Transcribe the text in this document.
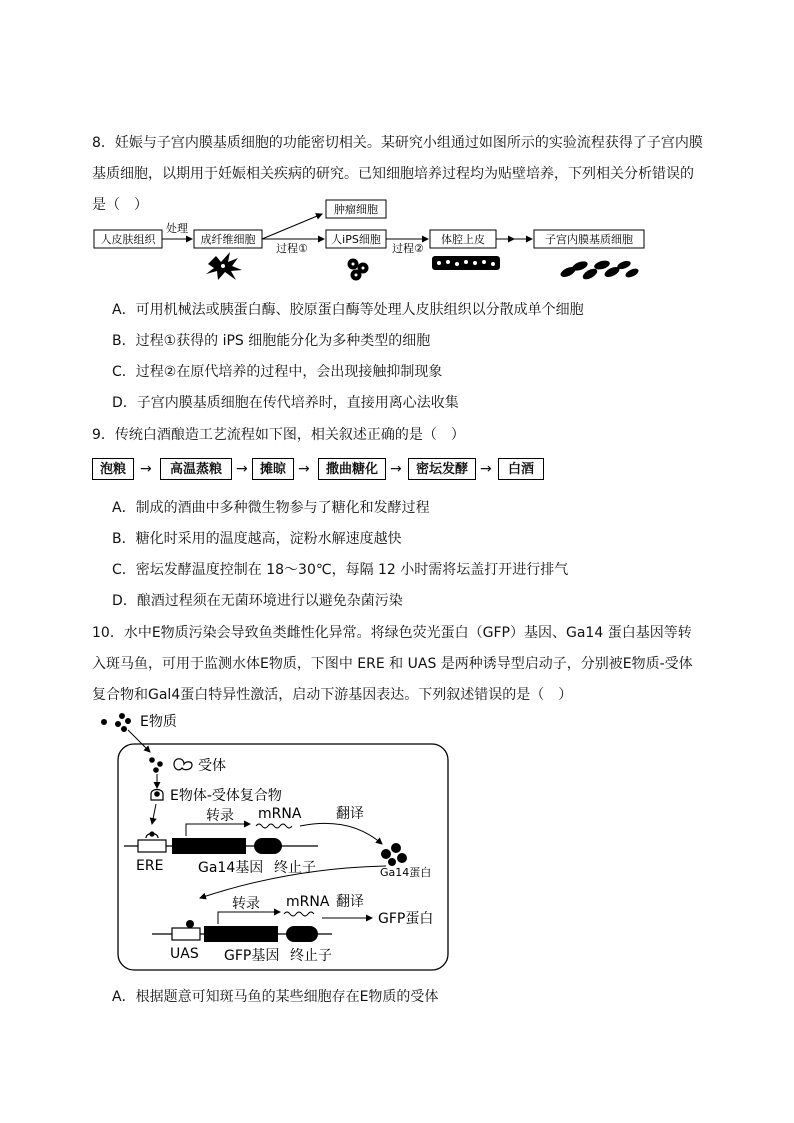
8．妊娠与子宫内膜基质细胞的功能密切相关。某研究小组通过如图所示的实验流程获得了子宫内膜基质细胞，以期用于妊娠相关疾病的研究。已知细胞培养过程均为贴壁培养，下列相关分析错误的是（　）
人皮肤组织
处理
成纤维细胞
肿瘤细胞
过程①
人iPS细胞
过程②
体腔上皮	子宫内膜基质细胞
A．可用机械法或胰蛋白酶、胶原蛋白酶等处理人皮肤组织以分散成单个细胞
B．过程①获得的 iPS 细胞能分化为多种类型的细胞
C．过程②在原代培养的过程中，会出现接触抑制现象
D．子宫内膜基质细胞在传代培养时，直接用离心法收集
9．传统白酒酿造工艺流程如下图，相关叙述正确的是（　）
泡粮	→	高温蒸粮	→ 摊晾 →	撒曲糖化 →	密坛发酵 →	白酒
A．制成的酒曲中多种微生物参与了糖化和发酵过程
B．糖化时采用的温度越高，淀粉水解速度越快
C．密坛发酵温度控制在 18～30℃，每隔 12 小时需将坛盖打开进行排气
D．酿酒过程须在无菌环境进行以避免杂菌污染
10．水中E物质污染会导致鱼类雌性化异常。将绿色荧光蛋白（GFP）基因、Ga14 蛋白基因等转入斑马鱼，可用于监测水体E物质，下图中 ERE 和 UAS 是两种诱导型启动子，分别被E物质-受体复合物和Gal4蛋白特异性激活，启动下游基因表达。下列叙述错误的是（　）
E物质
受体
E物体-受体复合物
ERE Ga14基因 终止子
转录 mRNA 翻译
Ga14蛋白
UAS GFP基因 终止子
转录 mRNA 翻译
GFP蛋白
A．根据题意可知斑马鱼的某些细胞存在E物质的受体
